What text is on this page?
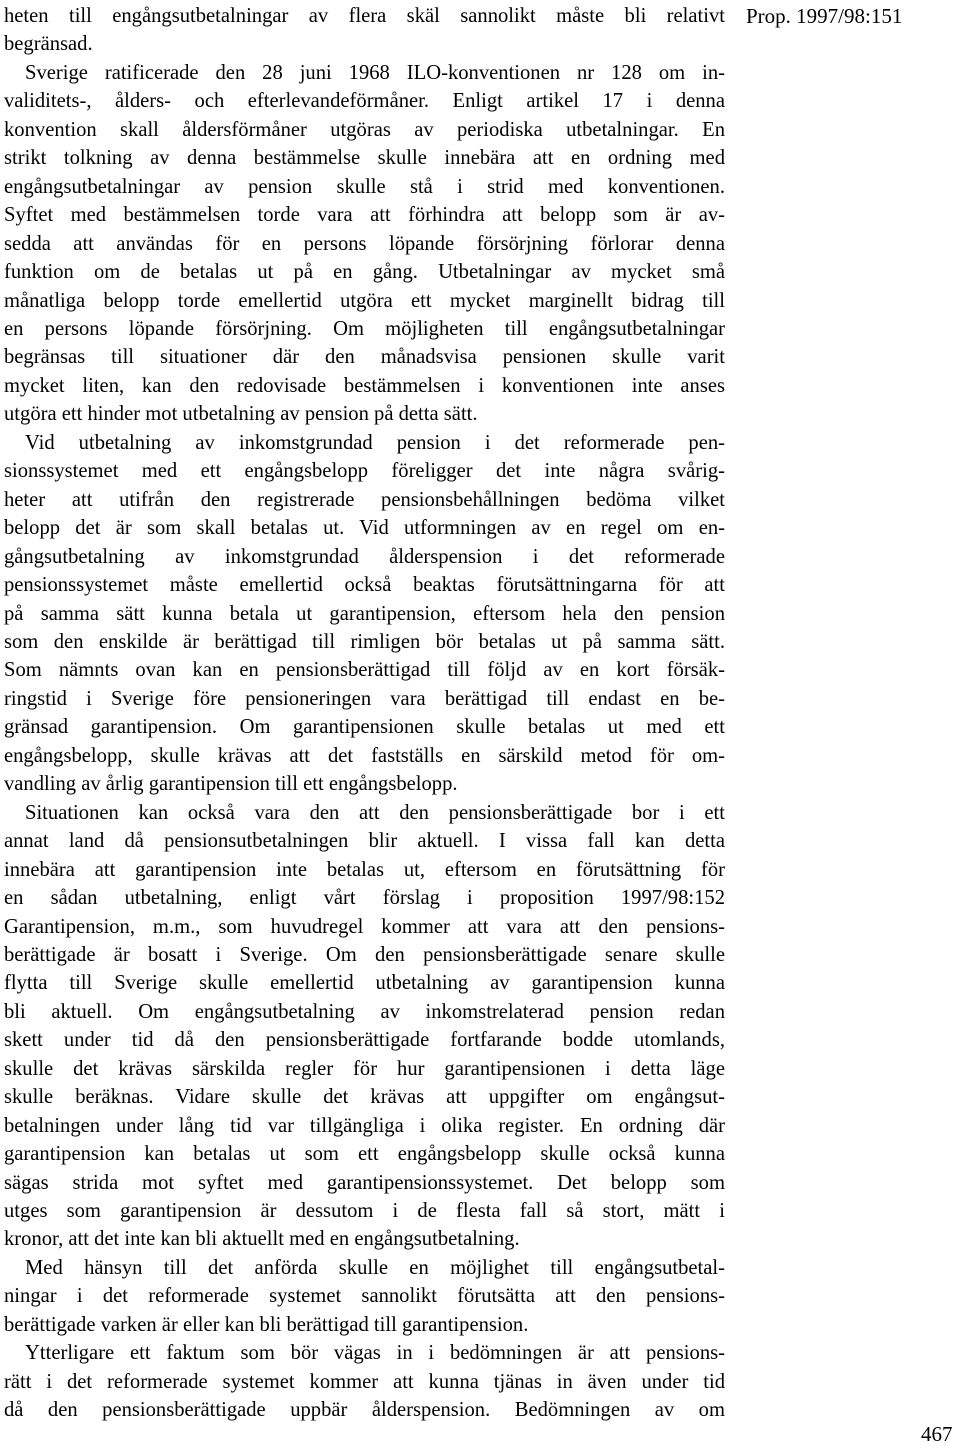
Prop. 1997/98:151
heten till engångsutbetalningar av flera skäl sannolikt måste bli relativt
begränsad.
Sverige ratificerade den 28 juni 1968 ILO-konventionen nr 128 om in-
validitets-, ålders- och efterlevandeförmåner. Enligt artikel 17 i denna
konvention skall åldersförmåner utgöras av periodiska utbetalningar. En
strikt tolkning av denna bestämmelse skulle innebära att en ordning med
engångsutbetalningar av pension skulle stå i strid med konventionen.
Syftet med bestämmelsen torde vara att förhindra att belopp som är av-
sedda att användas för en persons löpande försörjning förlorar denna
funktion om de betalas ut på en gång. Utbetalningar av mycket små
månatliga belopp torde emellertid utgöra ett mycket marginellt bidrag till
en persons löpande försörjning. Om möjligheten till engångsutbetalningar
begränsas till situationer där den månadsvisa pensionen skulle varit
mycket liten, kan den redovisade bestämmelsen i konventionen inte anses
utgöra ett hinder mot utbetalning av pension på detta sätt.
Vid utbetalning av inkomstgrundad pension i det reformerade pen-
sionssystemet med ett engångsbelopp föreligger det inte några svårig-
heter att utifrån den registrerade pensionsbehållningen bedöma vilket
belopp det är som skall betalas ut. Vid utformningen av en regel om en-
gångsutbetalning av inkomstgrundad ålderspension i det reformerade
pensionssystemet måste emellertid också beaktas förutsättningarna för att
på samma sätt kunna betala ut garantipension, eftersom hela den pension
som den enskilde är berättigad till rimligen bör betalas ut på samma sätt.
Som nämnts ovan kan en pensionsberättigad till följd av en kort försäk-
ringstid i Sverige före pensioneringen vara berättigad till endast en be-
gränsad garantipension. Om garantipensionen skulle betalas ut med ett
engångsbelopp, skulle krävas att det fastställs en särskild metod för om-
vandling av årlig garantipension till ett engångsbelopp.
Situationen kan också vara den att den pensionsberättigade bor i ett
annat land då pensionsutbetalningen blir aktuell. I vissa fall kan detta
innebära att garantipension inte betalas ut, eftersom en förutsättning för
en sådan utbetalning, enligt vårt förslag i proposition 1997/98:152
Garantipension, m.m., som huvudregel kommer att vara att den pensions-
berättigade är bosatt i Sverige. Om den pensionsberättigade senare skulle
flytta till Sverige skulle emellertid utbetalning av garantipension kunna
bli aktuell. Om engångsutbetalning av inkomstrelaterad pension redan
skett under tid då den pensionsberättigade fortfarande bodde utomlands,
skulle det krävas särskilda regler för hur garantipensionen i detta läge
skulle beräknas. Vidare skulle det krävas att uppgifter om engångsut-
betalningen under lång tid var tillgängliga i olika register. En ordning där
garantipension kan betalas ut som ett engångsbelopp skulle också kunna
sägas strida mot syftet med garantipensionssystemet. Det belopp som
utges som garantipension är dessutom i de flesta fall så stort, mätt i
kronor, att det inte kan bli aktuellt med en engångsutbetalning.
Med hänsyn till det anförda skulle en möjlighet till engångsutbetal-
ningar i det reformerade systemet sannolikt förutsätta att den pensions-
berättigade varken är eller kan bli berättigad till garantipension.
Ytterligare ett faktum som bör vägas in i bedömningen är att pensions-
rätt i det reformerade systemet kommer att kunna tjänas in även under tid
då den pensionsberättigade uppbär ålderspension. Bedömningen av om
467
